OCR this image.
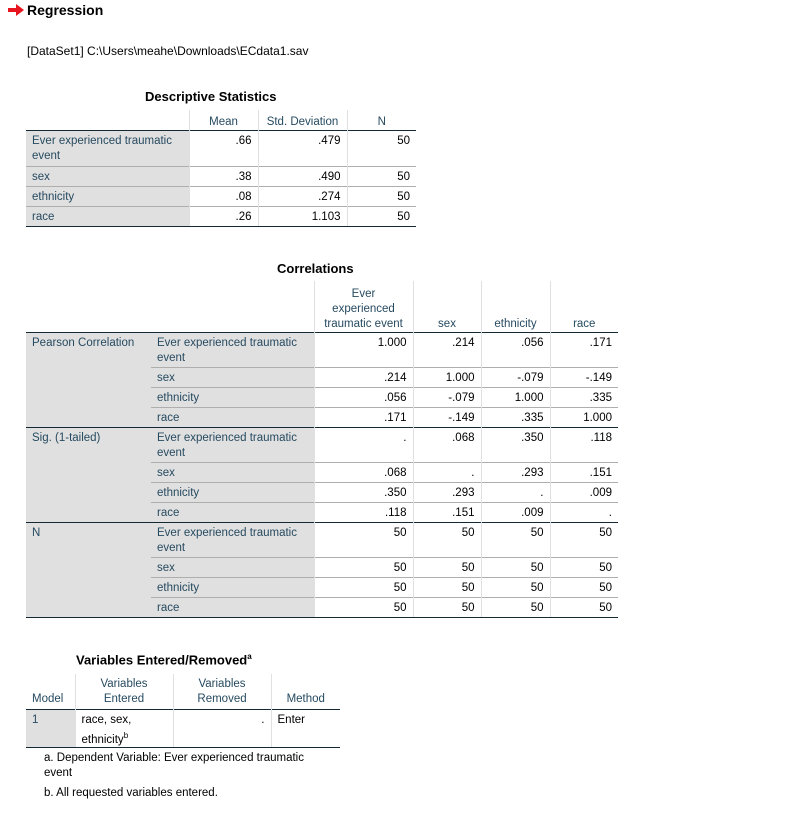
Regression
[DataSet1] C:\Users\meahe\Downloads\ECdata1.sav
Descriptive Statistics
	Mean	Std. Deviation	N
Ever experienced traumatic event	.66	.479	50
sex	.38	.490	50
ethnicity	.08	.274	50
race	.26	1.103	50
Correlations
		Ever experienced traumatic event	sex	ethnicity	race
Pearson Correlation	Ever experienced traumatic event	1.000	.214	.056	.171
	sex	.214	1.000	-.079	-.149
	ethnicity	.056	-.079	1.000	.335
	race	.171	-.149	.335	1.000
Sig. (1-tailed)	Ever experienced traumatic event	.	.068	.350	.118
	sex	.068	.	.293	.151
	ethnicity	.350	.293	.	.009
	race	.118	.151	.009	.
N	Ever experienced traumatic event	50	50	50	50
	sex	50	50	50	50
	ethnicity	50	50	50	50
	race	50	50	50	50
Variables Entered/Removed$^a$
Model	Variables Entered	Variables Removed	Method
1	race, sex, ethnicity$^b$	.	Enter
a. Dependent Variable: Ever experienced traumatic event
b. All requested variables entered.
